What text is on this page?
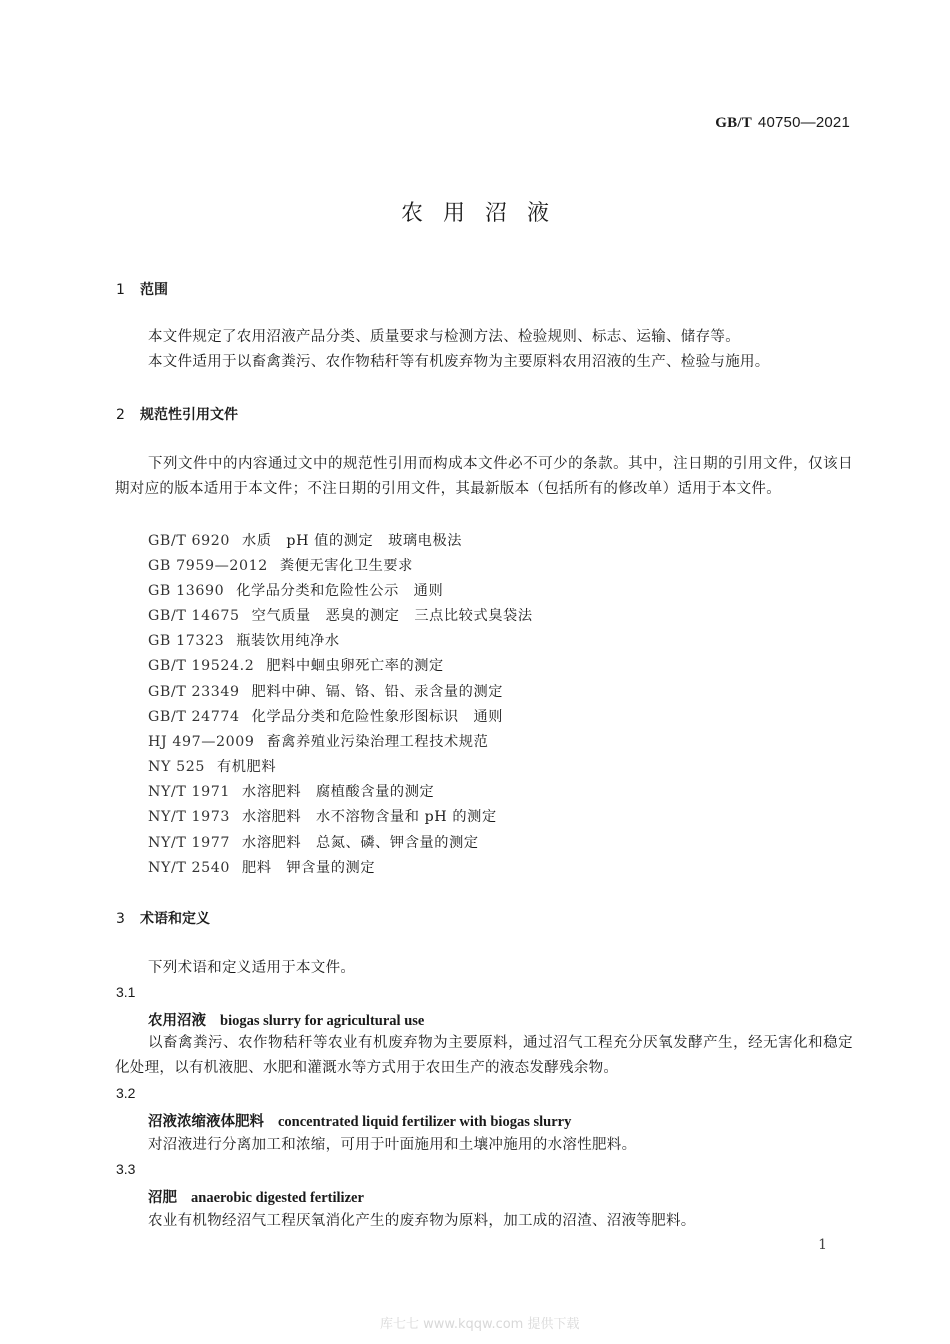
GB/T 40750—2021
农用沼液
1 范围
本文件规定了农用沼液产品分类、质量要求与检测方法、检验规则、标志、运输、储存等。
本文件适用于以畜禽粪污、农作物秸秆等有机废弃物为主要原料农用沼液的生产、检验与施用。
2 规范性引用文件
下列文件中的内容通过文中的规范性引用而构成本文件必不可少的条款。其中，注日期的引用文件，仅该日期对应的版本适用于本文件；不注日期的引用文件，其最新版本（包括所有的修改单）适用于本文件。
GB/T 6920 水质　pH 值的测定　玻璃电极法
GB 7959—2012 粪便无害化卫生要求
GB 13690 化学品分类和危险性公示　通则
GB/T 14675 空气质量　恶臭的测定　三点比较式臭袋法
GB 17323 瓶装饮用纯净水
GB/T 19524.2 肥料中蛔虫卵死亡率的测定
GB/T 23349 肥料中砷、镉、铬、铅、汞含量的测定
GB/T 24774 化学品分类和危险性象形图标识　通则
HJ 497—2009 畜禽养殖业污染治理工程技术规范
NY 525 有机肥料
NY/T 1971 水溶肥料　腐植酸含量的测定
NY/T 1973 水溶肥料　水不溶物含量和 pH 的测定
NY/T 1977 水溶肥料　总氮、磷、钾含量的测定
NY/T 2540 肥料　钾含量的测定
3 术语和定义
下列术语和定义适用于本文件。
3.1
农用沼液 biogas slurry for agricultural use
以畜禽粪污、农作物秸秆等农业有机废弃物为主要原料，通过沼气工程充分厌氧发酵产生，经无害化和稳定化处理，以有机液肥、水肥和灌溉水等方式用于农田生产的液态发酵残余物。
3.2
沼液浓缩液体肥料 concentrated liquid fertilizer with biogas slurry
对沼液进行分离加工和浓缩，可用于叶面施用和土壤冲施用的水溶性肥料。
3.3
沼肥 anaerobic digested fertilizer
农业有机物经沼气工程厌氧消化产生的废弃物为原料，加工成的沼渣、沼液等肥料。
1
库七七 www.kqqw.com 提供下载
